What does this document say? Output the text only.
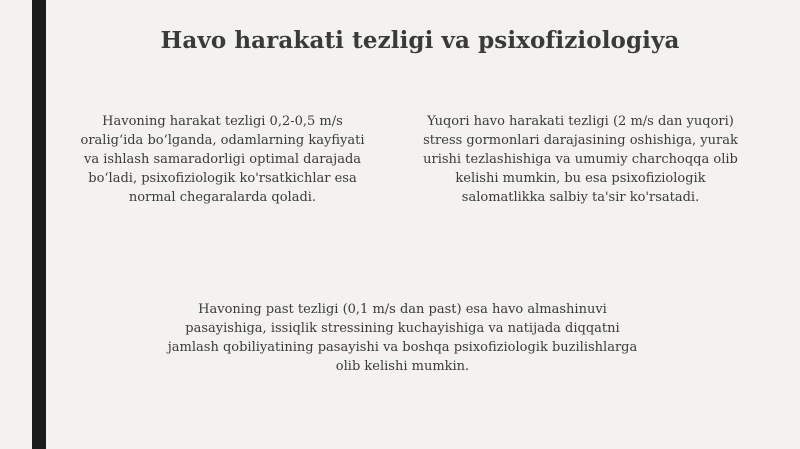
Havo harakati tezligi va psixofiziologiya

Havoning harakat tezligi 0,2-0,5 m/s
oralig‘ida bo‘lganda, odamlarning kayfiyati
va ishlash samaradorligi optimal darajada
bo‘ladi, psixofiziologik ko'rsatkichlar esa
normal chegaralarda qoladi.

Yuqori havo harakati tezligi (2 m/s dan yuqori)
stress gormonlari darajasining oshishiga, yurak
urishi tezlashishiga va umumiy charchoqqa olib
kelishi mumkin, bu esa psixofiziologik
salomatlikka salbiy ta'sir ko'rsatadi.

Havoning past tezligi (0,1 m/s dan past) esa havo almashinuvi
pasayishiga, issiqlik stressining kuchayishiga va natijada diqqatni
jamlash qobiliyatining pasayishi va boshqa psixofiziologik buzilishlarga
olib kelishi mumkin.
